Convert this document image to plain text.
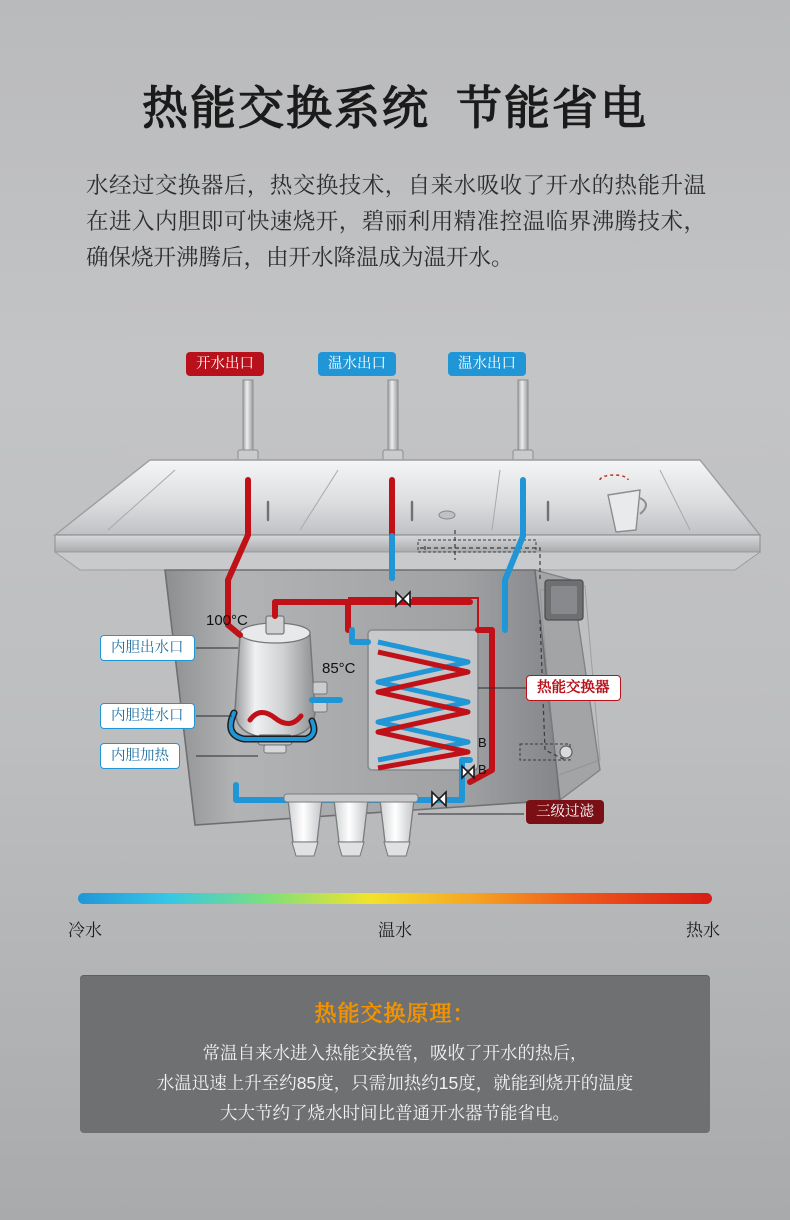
热能交换系统 节能省电
水经过交换器后，热交换技术，自来水吸收了开水的热能升温在进入内胆即可快速烧开，碧丽利用精准控温临界沸腾技术，确保烧开沸腾后，由开水降温成为温开水。
开水出口	温水出口	温水出口
内胆出水口
内胆进水口
内胆加热
热能交换器
三级过滤
100°C
85°C
B
B
冷水	温水	热水
热能交换原理：

常温自来水进入热能交换管，吸收了开水的热后，
水温迅速上升至约85度，只需加热约15度，就能到烧开的温度
大大节约了烧水时间比普通开水器节能省电。
